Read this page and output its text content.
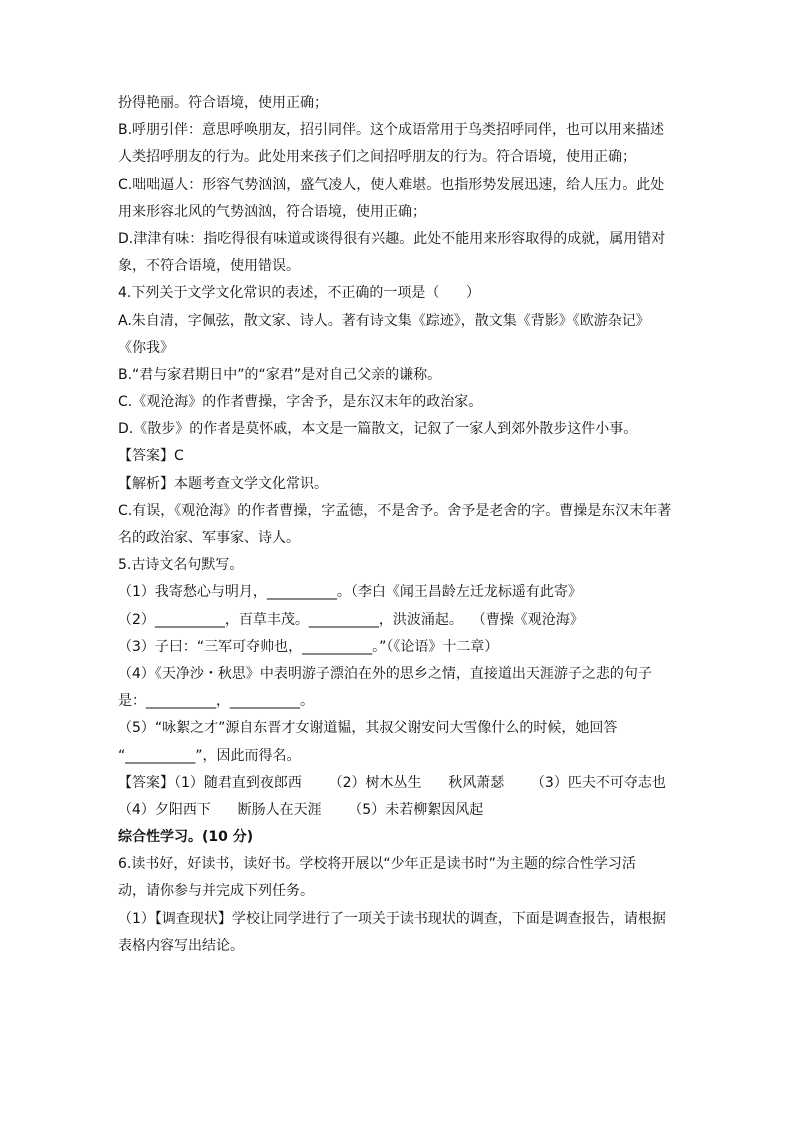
扮得艳丽。符合语境，使用正确；
B.呼朋引伴：意思呼唤朋友，招引同伴。这个成语常用于鸟类招呼同伴，也可以用来描述
人类招呼朋友的行为。此处用来孩子们之间招呼朋友的行为。符合语境，使用正确；
C.咄咄逼人：形容气势汹汹，盛气凌人，使人难堪。也指形势发展迅速，给人压力。此处
用来形容北风的气势汹汹，符合语境，使用正确；
D.津津有味：指吃得很有味道或谈得很有兴趣。此处不能用来形容取得的成就，属用错对
象，不符合语境，使用错误。
4.下列关于文学文化常识的表述，不正确的一项是（      ）
A.朱自清，字佩弦，散文家、诗人。著有诗文集《踪迹》，散文集《背影》《欧游杂记》
《你我》
B.“君与家君期日中”的“家君”是对自己父亲的谦称。
C.《观沧海》的作者曹操，字舍予，是东汉末年的政治家。
D.《散步》的作者是莫怀戚，本文是一篇散文，记叙了一家人到郊外散步这件小事。
【答案】C
【解析】本题考查文学文化常识。
C.有误，《观沧海》的作者曹操，字孟德，不是舍予。舍予是老舍的字。曹操是东汉末年著
名的政治家、军事家、诗人。
5.古诗文名句默写。
（1）我寄愁心与明月，__________。（李白《闻王昌龄左迁龙标遥有此寄》
（2）__________，百草丰茂。__________，洪波涌起。  （曹操《观沧海》
（3）子曰：“三军可夺帅也，__________。”（《论语》十二章）
（4）《天净沙・秋思》中表明游子漂泊在外的思乡之情，直接道出天涯游子之悲的句子
是：__________，__________。
（5）“咏絮之才”源自东晋才女谢道韫，其叔父谢安问大雪像什么的时候，她回答
“__________”，因此而得名。
【答案】（1）随君直到夜郎西      （2）树木丛生      秋风萧瑟      （3）匹夫不可夺志也
（4）夕阳西下      断肠人在天涯      （5）未若柳絮因风起
综合性学习。(10 分)
6.读书好，好读书，读好书。学校将开展以“少年正是读书时”为主题的综合性学习活
动，请你参与并完成下列任务。
（1）【调查现状】学校让同学进行了一项关于读书现状的调查，下面是调查报告，请根据
表格内容写出结论。
